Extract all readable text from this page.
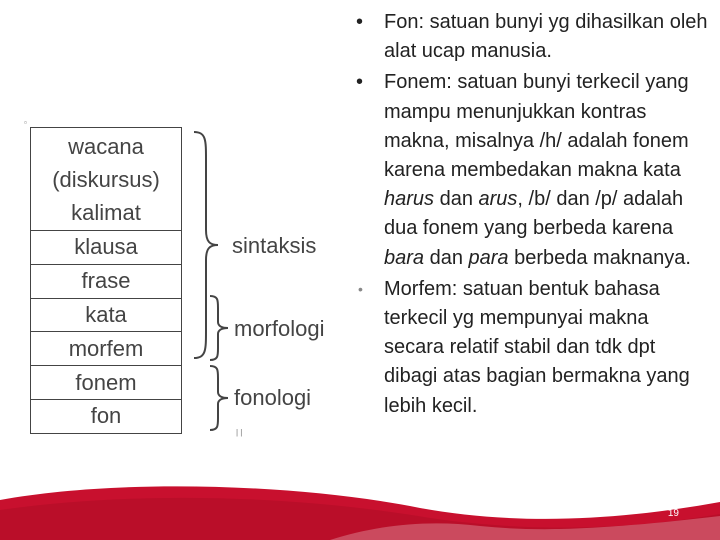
▫
wacana
(diskursus)
kalimat
klausa
frase
kata
morfem
fonem
fon
sintaksis
morfologi
fonologi
| |
• Fon: satuan bunyi yg dihasilkan oleh alat ucap manusia.
• Fonem: satuan bunyi terkecil yang mampu menunjukkan kontras makna, misalnya /h/ adalah fonem karena membedakan makna kata harus dan arus, /b/ dan /p/ adalah dua fonem yang berbeda karena bara dan para berbeda maknanya.
• Morfem: satuan bentuk bahasa terkecil yg mempunyai makna secara relatif stabil dan tdk dpt dibagi atas bagian bermakna yang lebih kecil.
19
